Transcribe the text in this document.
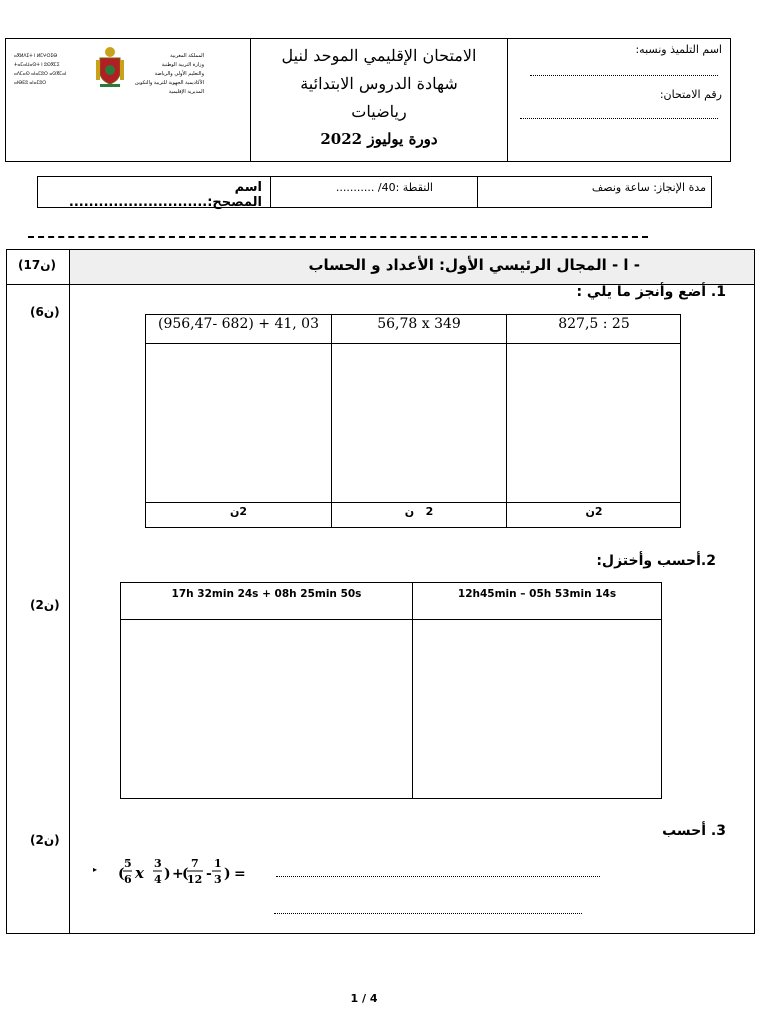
ⴰⴳⵍⴷⵉⵜ ⵏ ⵍⵎⵖⵔⵉⴱ
ⵜⴰⵎⴰⵡⴰⵙⵜ ⵏ ⵓⵙⴳⵎⵉ
ⴰⴷⵎⴰⵙ ⴰⵏⴰⵎⵓⵔ ⴰⵙⴳⵎⴰⵏ
ⴰⵏⴱⴹⵓ ⴰⵏⴰⵎⵓⵔ
المملكة المغربية
وزارة التربية الوطنية
والتعليم الأولي والرياضة
الأكاديمية الجهوية للتربية والتكوين
المديرية الإقليمية
الامتحان الإقليمي الموحد لنيل
شهادة الدروس الابتدائية
رياضيات
دورة يوليوز 2022
اسم التلميذ ونسبه:
رقم الامتحان:
مدة الإنجاز: ساعة ونصف
النقطة :40/ ...........
اسم المصحح:............................
(17ن)	- ا - المجال الرئيسي الأول: الأعداد و الحساب
(6ن)
1. أضع وأنجز ما يلي :
827,5 : 25
56,78 x 349
(956,47- 682) + 41, 03
2ن
2   ن
2ن
2.أحسب وأختزل:
(2ن)
12h45min – 05h 53min 14s
17h 32min 24s + 08h 25min 50s
3. أحسب
(2ن)
▸ (
5
6 x
3
4 ) +
(
7
12 -
1
3 ) =
1 / 4
